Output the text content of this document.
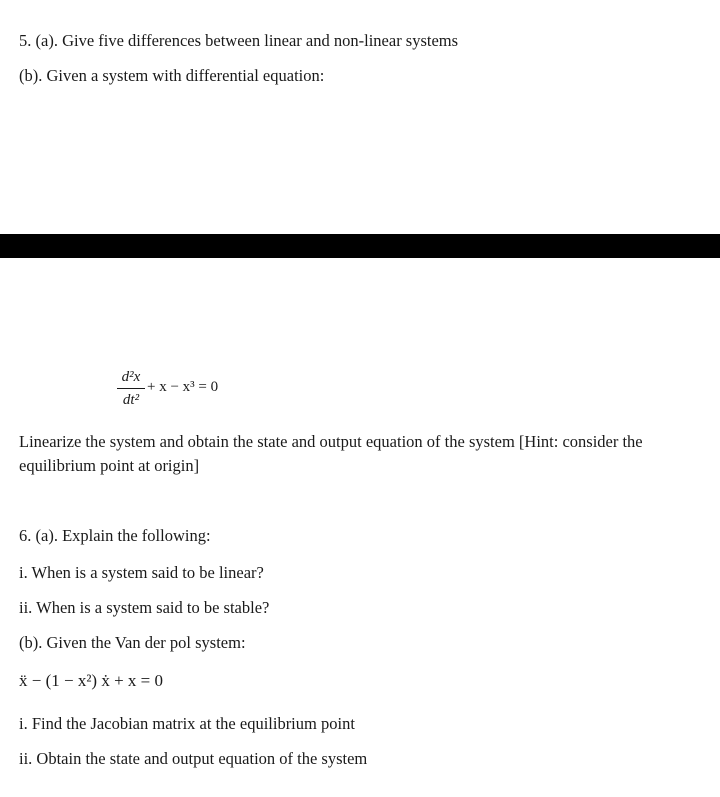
5. (a). Give five differences between linear and non-linear systems
(b). Given a system with differential equation:
d²x
dt²
+ x − x³ = 0
Linearize the system and obtain the state and output equation of the system [Hint: consider the equilibrium point at origin]
6. (a). Explain the following:
i. When is a system said to be linear?
ii. When is a system said to be stable?
(b). Given the Van der pol system:
ẍ − (1 − x²) ẋ + x = 0
i. Find the Jacobian matrix at the equilibrium point
ii. Obtain the state and output equation of the system
